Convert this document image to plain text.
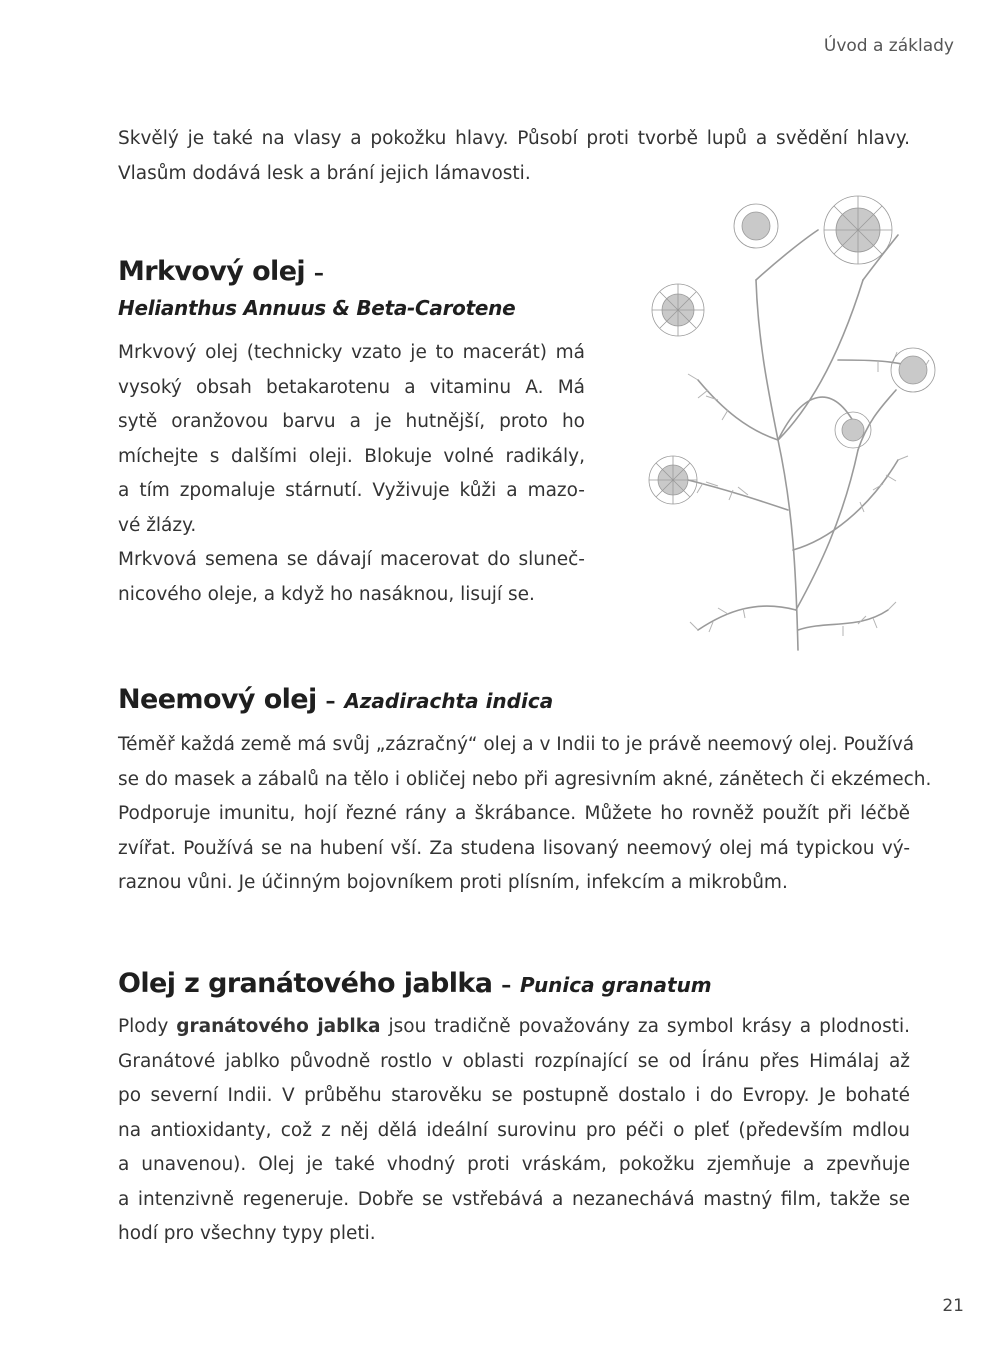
Úvod a základy
Skvělý je také na vlasy a pokožku hlavy. Působí proti tvorbě lupů a svědění hlavy.
Vlasům dodává lesk a brání jejich lámavosti.
Mrkvový olej –
Helianthus Annuus & Beta-Carotene
Mrkvový olej (technicky vzato je to macerát) má
vysoký obsah betakarotenu a vitaminu A. Má
sytě oranžovou barvu a je hutnější, proto ho
míchejte s dalšími oleji. Blokuje volné radikály,
a tím zpomaluje stárnutí. Vyživuje kůži a mazo-
vé žlázy.
Mrkvová semena se dávají macerovat do sluneč-
nicového oleje, a když ho nasáknou, lisují se.
Neemový olej – Azadirachta indica
Téměř každá země má svůj „zázračný“ olej a v Indii to je právě neemový olej. Používá
se do masek a zábalů na tělo i obličej nebo při agresivním akné, zánětech či ekzémech.
Podporuje imunitu, hojí řezné rány a škrábance. Můžete ho rovněž použít při léčbě
zvířat. Používá se na hubení vší. Za studena lisovaný neemový olej má typickou vý-
raznou vůni. Je účinným bojovníkem proti plísním, infekcím a mikrobům.
Olej z granátového jablka – Punica granatum
Plody granátového jablka jsou tradičně považovány za symbol krásy a plodnosti.
Granátové jablko původně rostlo v oblasti rozpínající se od Íránu přes Himálaj až
po severní Indii. V průběhu starověku se postupně dostalo i do Evropy. Je bohaté
na antioxidanty, což z něj dělá ideální surovinu pro péči o pleť (především mdlou
a unavenou). Olej je také vhodný proti vráskám, pokožku zjemňuje a zpevňuje
a intenzivně regeneruje. Dobře se vstřebává a nezanechává mastný film, takže se
hodí pro všechny typy pleti.
21
